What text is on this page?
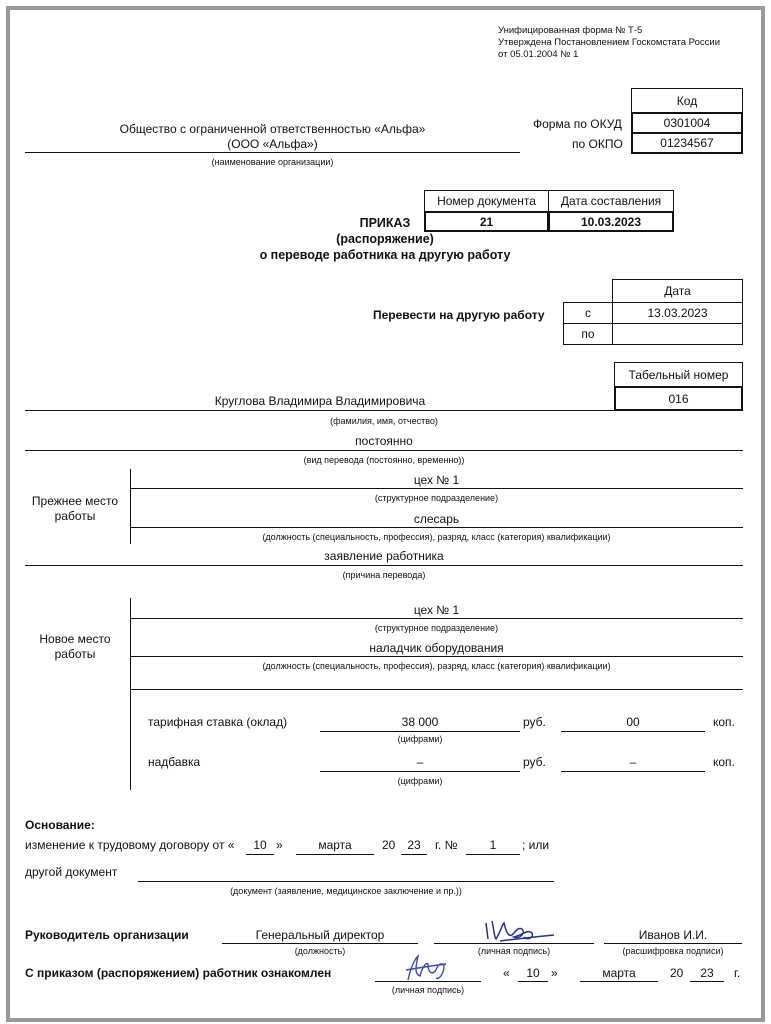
Унифицированная форма № Т-5
Утверждена Постановлением Госкомстата России
от 05.01.2004 № 1
Код
0301004
01234567
Форма по ОКУД
по ОКПО
Общество с ограниченной ответственностью «Альфа»
(ООО «Альфа»)
(наименование организации)
Номер документа	Дата составления
21	10.03.2023
ПРИКАЗ
(распоряжение)
о переводе работника на другую работу
Дата
с	13.03.2023
по
Перевести на другую работу
Табельный номер
016
Круглова Владимира Владимировича
(фамилия, имя, отчество)
постоянно
(вид перевода (постоянно, временно))
Прежнее место
работы
цех № 1
(структурное подразделение)
слесарь
(должность (специальность, профессия), разряд, класс (категория) квалификации)
заявление работника
(причина перевода)
Новое место
работы
цех № 1
(структурное подразделение)
наладчик оборудования
(должность (специальность, профессия), разряд, класс (категория) квалификации)
тарифная ставка (оклад)	38 000	руб.	00	коп.
(цифрами)
надбавка	–	руб.	–	коп.
(цифрами)
Основание:
изменение к трудовому договору от «	10 »	марта	20 23	г. №	1	; или
другой документ
(документ (заявление, медицинское заключение и пр.))
Руководитель организации	Генеральный директор
(должность)	(личная подпись)
Иванов И.И.
(расшифровка подписи)
С приказом (распоряжением) работник ознакомлен
(личная подпись)
«	10 »	марта	20	23	г.
